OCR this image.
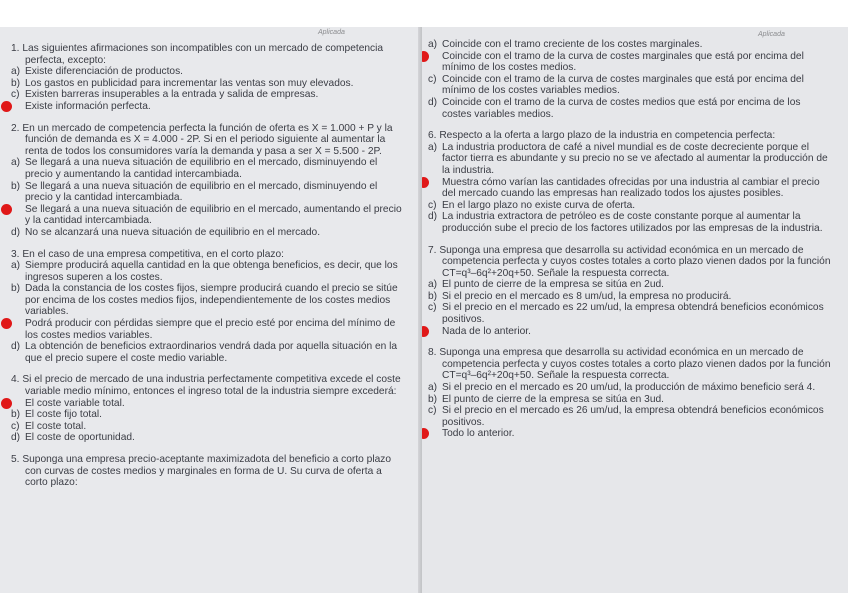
Aplicada
1. Las siguientes afirmaciones son incompatibles con un mercado de competencia perfecta, excepto:
a) Existe diferenciación de productos.
b) Los gastos en publicidad para incrementar las ventas son muy elevados.
c) Existen barreras insuperables a la entrada y salida de empresas.
Existe información perfecta.
2. En un mercado de competencia perfecta la función de oferta es X = 1.000 + P y la función de demanda es X = 4.000 - 2P. Si en el periodo siguiente al aumentar la renta de todos los consumidores varía la demanda y pasa a ser X = 5.500 - 2P.
a) Se llegará a una nueva situación de equilibrio en el mercado, disminuyendo el precio y aumentando la cantidad intercambiada.
b) Se llegará a una nueva situación de equilibrio en el mercado, disminuyendo el precio y la cantidad intercambiada.
Se llegará a una nueva situación de equilibrio en el mercado, aumentando el precio y la cantidad intercambiada.
d) No se alcanzará una nueva situación de equilibrio en el mercado.
3. En el caso de una empresa competitiva, en el corto plazo:
a) Siempre producirá aquella cantidad en la que obtenga beneficios, es decir, que los ingresos superen a los costes.
b) Dada la constancia de los costes fijos, siempre producirá cuando el precio se sitúe por encima de los costes medios fijos, independientemente de los costes medios variables.
Podrá producir con pérdidas siempre que el precio esté por encima del mínimo de los costes medios variables.
d) La obtención de beneficios extraordinarios vendrá dada por aquella situación en la que el precio supere el coste medio variable.
4. Si el precio de mercado de una industria perfectamente competitiva excede el coste variable medio mínimo, entonces el ingreso total de la industria siempre excederá:
El coste variable total.
b) El coste fijo total.
c) El coste total.
d) El coste de oportunidad.
5. Suponga una empresa precio-aceptante maximizadota del beneficio a corto plazo con curvas de costes medios y marginales en forma de U. Su curva de oferta a corto plazo:
Aplicada
a) Coincide con el tramo creciente de los costes marginales.
Coincide con el tramo de la curva de costes marginales que está por encima del mínimo de los costes medios.
c) Coincide con el tramo de la curva de costes marginales que está por encima del mínimo de los costes variables medios.
d) Coincide con el tramo de la curva de costes medios que está por encima de los costes variables medios.
6. Respecto a la oferta a largo plazo de la industria en competencia perfecta:
a) La industria productora de café a nivel mundial es de coste decreciente porque el factor tierra es abundante y su precio no se ve afectado al aumentar la producción de la industria.
Muestra cómo varían las cantidades ofrecidas por una industria al cambiar el precio del mercado cuando las empresas han realizado todos los ajustes posibles.
c) En el largo plazo no existe curva de oferta.
d) La industria extractora de petróleo es de coste constante porque al aumentar la producción sube el precio de los factores utilizados por las empresas de la industria.
7. Suponga una empresa que desarrolla su actividad económica en un mercado de competencia perfecta y cuyos costes totales a corto plazo vienen dados por la función CT=q³–6q²+20q+50. Señale la respuesta correcta.
a) El punto de cierre de la empresa se sitúa en 2ud.
b) Si el precio en el mercado es 8 um/ud, la empresa no producirá.
c) Si el precio en el mercado es 22 um/ud, la empresa obtendrá beneficios económicos positivos.
Nada de lo anterior.
8. Suponga una empresa que desarrolla su actividad económica en un mercado de competencia perfecta y cuyos costes totales a corto plazo vienen dados por la función CT=q³–6q²+20q+50. Señale la respuesta correcta.
a) Si el precio en el mercado es 20 um/ud, la producción de máximo beneficio será 4.
b) El punto de cierre de la empresa se sitúa en 3ud.
c) Si el precio en el mercado es 26 um/ud, la empresa obtendrá beneficios económicos positivos.
Todo lo anterior.
